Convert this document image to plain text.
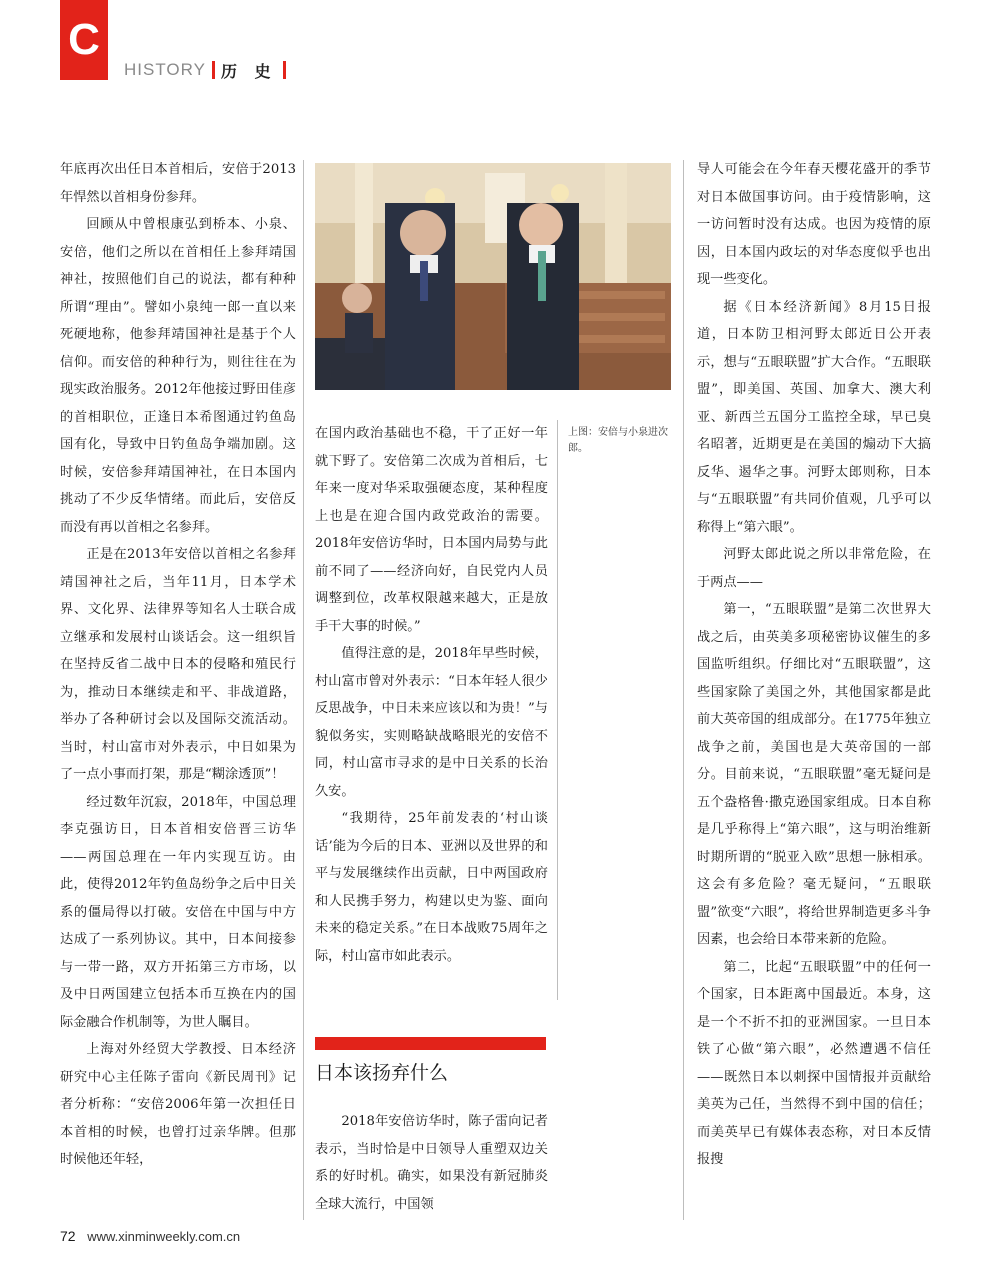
C
HISTORY 历 史

年底再次出任日本首相后，安倍于2013年悍然以首相身份参拜。

回顾从中曾根康弘到桥本、小泉、安倍，他们之所以在首相任上参拜靖国神社，按照他们自己的说法，都有种种所谓“理由”。譬如小泉纯一郎一直以来死硬地称，他参拜靖国神社是基于个人信仰。而安倍的种种行为，则往往在为现实政治服务。2012年他接过野田佳彦的首相职位，正逢日本希图通过钓鱼岛国有化，导致中日钓鱼岛争端加剧。这时候，安倍参拜靖国神社，在日本国内挑动了不少反华情绪。而此后，安倍反而没有再以首相之名参拜。

正是在2013年安倍以首相之名参拜靖国神社之后，当年11月，日本学术界、文化界、法律界等知名人士联合成立继承和发展村山谈话会。这一组织旨在坚持反省二战中日本的侵略和殖民行为，推动日本继续走和平、非战道路，举办了各种研讨会以及国际交流活动。当时，村山富市对外表示，中日如果为了一点小事而打架，那是“糊涂透顶”！

经过数年沉寂，2018年，中国总理李克强访日，日本首相安倍晋三访华——两国总理在一年内实现互访。由此，使得2012年钓鱼岛纷争之后中日关系的僵局得以打破。安倍在中国与中方达成了一系列协议。其中，日本间接参与一带一路，双方开拓第三方市场，以及中日两国建立包括本币互换在内的国际金融合作机制等，为世人瞩目。

上海对外经贸大学教授、日本经济研究中心主任陈子雷向《新民周刊》记者分析称：“安倍2006年第一次担任日本首相的时候，也曾打过亲华牌。但那时候他还年轻，

上图：安倍与小泉进次郎。

在国内政治基础也不稳，干了正好一年就下野了。安倍第二次成为首相后，七年来一度对华采取强硬态度，某种程度上也是在迎合国内政党政治的需要。2018年安倍访华时，日本国内局势与此前不同了——经济向好，自民党内人员调整到位，改革权限越来越大，正是放手干大事的时候。”

值得注意的是，2018年早些时候，村山富市曾对外表示：“日本年轻人很少反思战争，中日未来应该以和为贵！”与貌似务实，实则略缺战略眼光的安倍不同，村山富市寻求的是中日关系的长治久安。

“我期待，25年前发表的‘村山谈话’能为今后的日本、亚洲以及世界的和平与发展继续作出贡献，日中两国政府和人民携手努力，构建以史为鉴、面向未来的稳定关系。”在日本战败75周年之际，村山富市如此表示。

日本该扬弃什么

2018年安倍访华时，陈子雷向记者表示，当时恰是中日领导人重塑双边关系的好时机。确实，如果没有新冠肺炎全球大流行，中国领

导人可能会在今年春天樱花盛开的季节对日本做国事访问。由于疫情影响，这一访问暂时没有达成。也因为疫情的原因，日本国内政坛的对华态度似乎也出现一些变化。

据《日本经济新闻》8月15日报道，日本防卫相河野太郎近日公开表示，想与“五眼联盟”扩大合作。“五眼联盟”，即美国、英国、加拿大、澳大利亚、新西兰五国分工监控全球，早已臭名昭著，近期更是在美国的煽动下大搞反华、遏华之事。河野太郎则称，日本与“五眼联盟”有共同价值观，几乎可以称得上“第六眼”。

河野太郎此说之所以非常危险，在于两点——

第一，“五眼联盟”是第二次世界大战之后，由英美多项秘密协议催生的多国监听组织。仔细比对“五眼联盟”，这些国家除了美国之外，其他国家都是此前大英帝国的组成部分。在1775年独立战争之前，美国也是大英帝国的一部分。目前来说，“五眼联盟”毫无疑问是五个盎格鲁·撒克逊国家组成。日本自称是几乎称得上“第六眼”，这与明治维新时期所谓的“脱亚入欧”思想一脉相承。这会有多危险？毫无疑问，“五眼联盟”欲变“六眼”，将给世界制造更多斗争因素，也会给日本带来新的危险。

第二，比起“五眼联盟”中的任何一个国家，日本距离中国最近。本身，这是一个不折不扣的亚洲国家。一旦日本铁了心做“第六眼”，必然遭遇不信任——既然日本以刺探中国情报并贡献给美英为己任，当然得不到中国的信任；而美英早已有媒体表态称，对日本反情报搜

72 www.xinminweekly.com.cn
